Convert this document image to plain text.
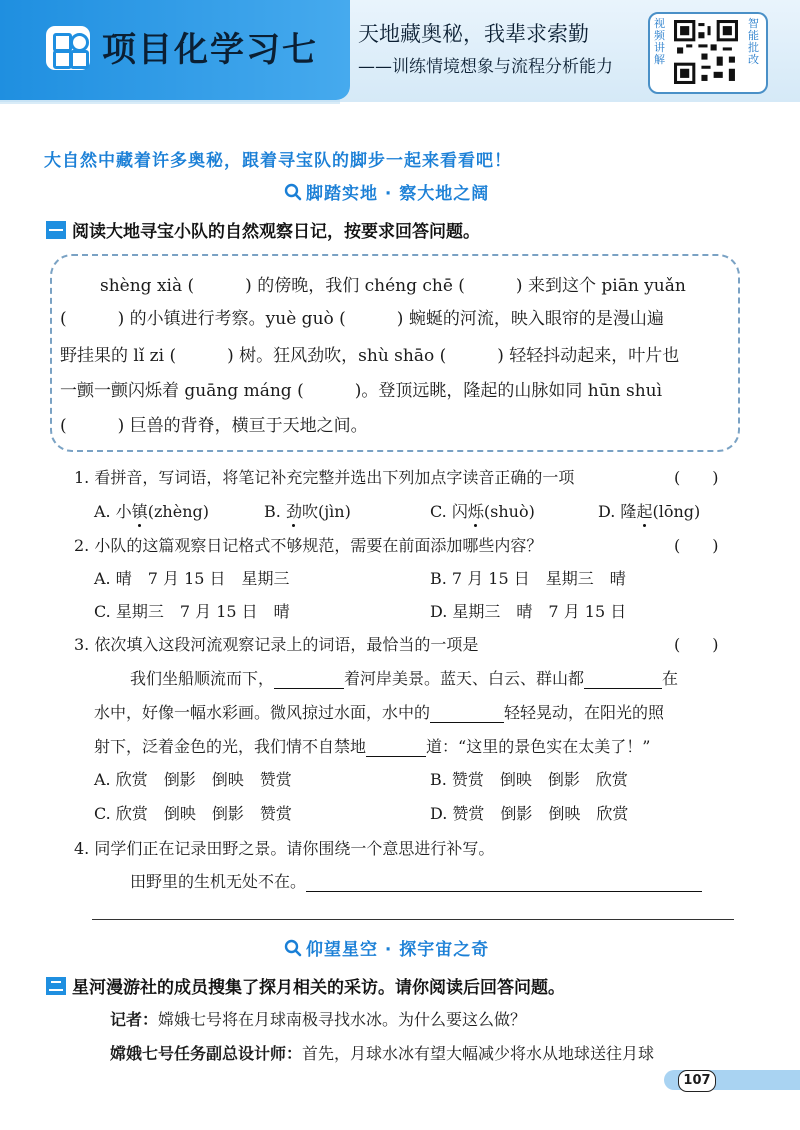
项目化学习七 天地藏奥秘，我辈求索勤
——训练情境想象与流程分析能力
视频讲解
智能批改
大自然中藏着许多奥秘，跟着寻宝队的脚步一起来看看吧！
脚踏实地 · 察大地之阔
阅读大地寻宝小队的自然观察日记，按要求回答问题。
shèng xià (　　　) 的傍晚，我们 chéng chē (　　　) 来到这个 piān yuǎn
(　　　) 的小镇进行考察。yuè guò (　　　) 蜿蜒的河流，映入眼帘的是漫山遍
野挂果的 lǐ zi (　　　) 树。狂风劲吹，shù shāo (　　　) 轻轻抖动起来，叶片也
一颤一颤闪烁着 guāng máng (　　　)。登顶远眺，隆起的山脉如同 hūn shuì
(　　　) 巨兽的背脊，横亘于天地之间。
1. 看拼音，写词语，将笔记补充完整并选出下列加点字读音正确的一项	(　　)
A. 小镇(zhèng)	B. 劲吹(jìn)	C. 闪烁(shuò)	D. 隆起(lōng)
2. 小队的这篇观察日记格式不够规范，需要在前面添加哪些内容？	(　　)
A. 晴　7 月 15 日　星期三	B. 7 月 15 日　星期三　晴
C. 星期三　7 月 15 日　晴	D. 星期三　晴　7 月 15 日
3. 依次填入这段河流观察记录上的词语，最恰当的一项是	(　　)
我们坐船顺流而下，	着河岸美景。蓝天、白云、群山都	在
水中，好像一幅水彩画。微风掠过水面，水中的	轻轻晃动，在阳光的照
射下，泛着金色的光，我们情不自禁地	道：“这里的景色实在太美了！”
A. 欣赏　倒影　倒映　赞赏	B. 赞赏　倒映　倒影　欣赏
C. 欣赏　倒映　倒影　赞赏	D. 赞赏　倒影　倒映　欣赏
4. 同学们正在记录田野之景。请你围绕一个意思进行补写。
田野里的生机无处不在。
仰望星空 · 探宇宙之奇
星河漫游社的成员搜集了探月相关的采访。请你阅读后回答问题。
记者：嫦娥七号将在月球南极寻找水冰。为什么要这么做？
嫦娥七号任务副总设计师：首先，月球水冰有望大幅减少将水从地球送往月球
107
